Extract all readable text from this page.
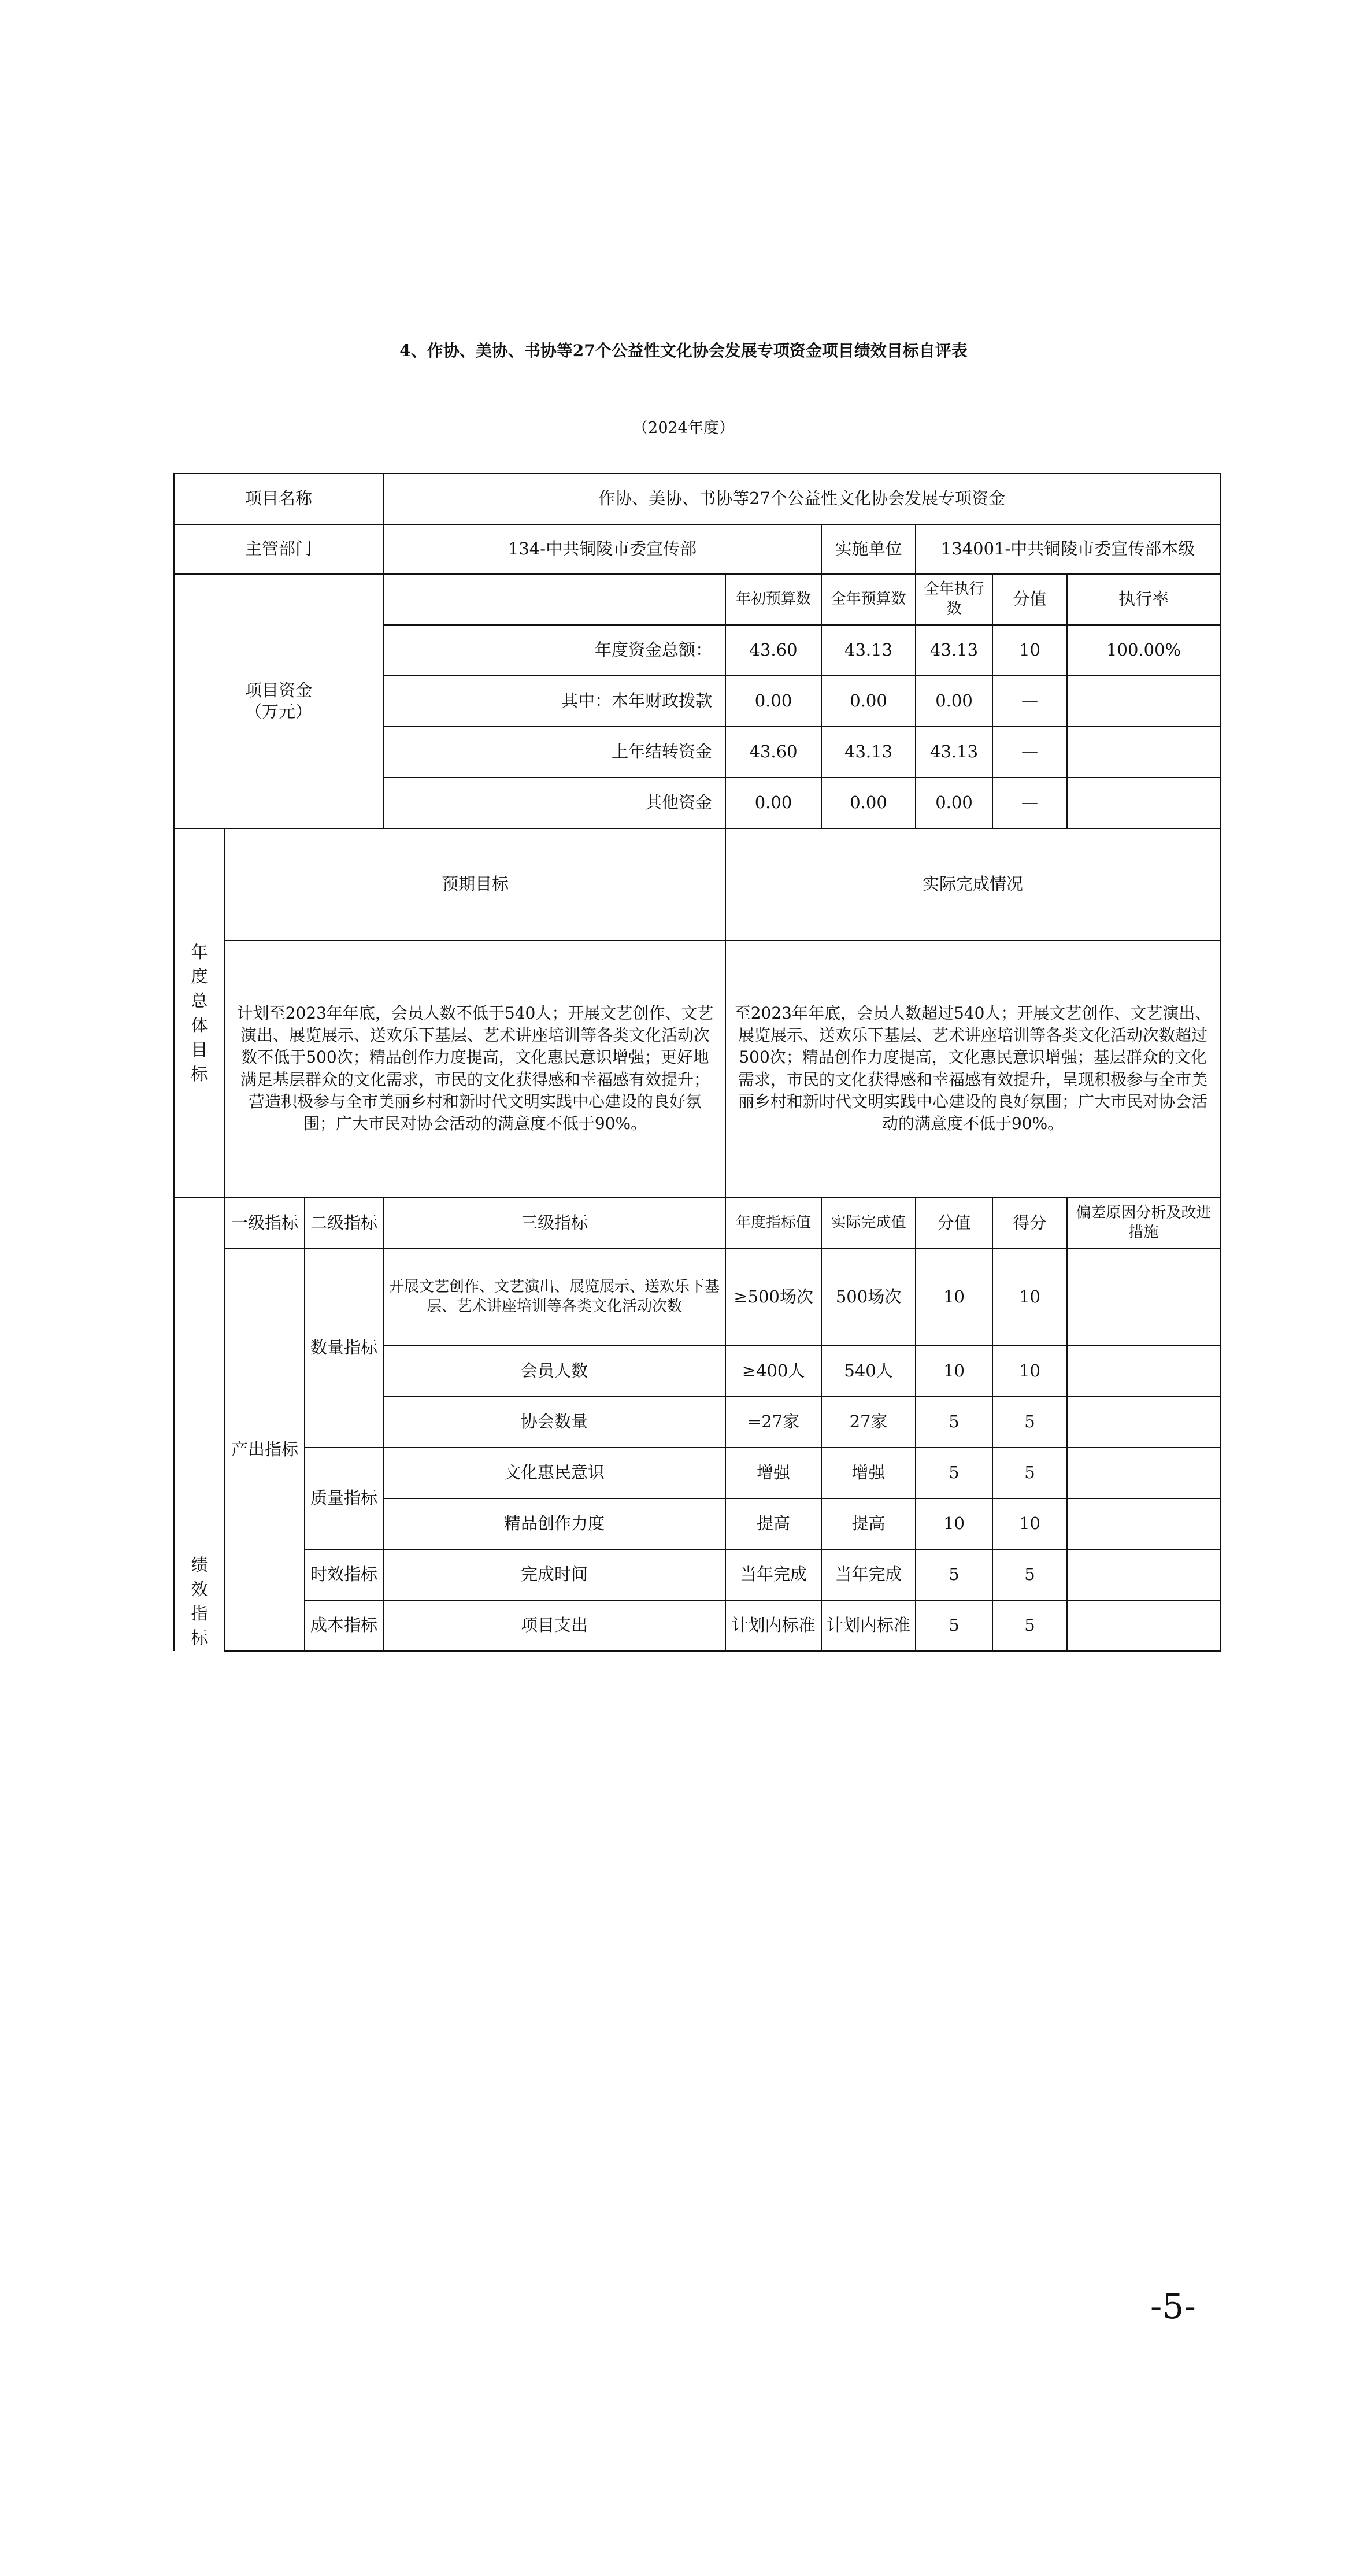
4、作协、美协、书协等27个公益性文化协会发展专项资金项目绩效目标自评表
（2024年度）
项目名称			作协、美协、书协等27个公益性文化协会发展专项资金						
主管部门			134-中共铜陵市委宣传部		实施单位	134001-中共铜陵市委宣传部本级			

项目资金（万元）				年初预算数	全年预算数	全年执行数	分值	执行率	
			年度资金总额：	43.60	43.13	43.13	10	100.00%	
			其中：本年财政拨款	0.00	0.00	0.00	—		
			上年结转资金	43.60	43.13	43.13	—		
			其他资金	0.00	0.00	0.00	—		

年度总体目标	预期目标			实际完成情况					
	计划至2023年年底，会员人数不低于540人；开展文艺创作、文艺演出、展览展示、送欢乐下基层、艺术讲座培训等各类文化活动次数不低于500次；精品创作力度提高，文化惠民意识增强；更好地满足基层群众的文化需求，市民的文化获得感和幸福感有效提升；营造积极参与全市美丽乡村和新时代文明实践中心建设的良好氛围；广大市民对协会活动的满意度不低于90%。			至2023年年底，会员人数超过540人；开展文艺创作、文艺演出、展览展示、送欢乐下基层、艺术讲座培训等各类文化活动次数超过500次；精品创作力度提高，文化惠民意识增强；基层群众的文化需求，市民的文化获得感和幸福感有效提升，呈现积极参与全市美丽乡村和新时代文明实践中心建设的良好氛围；广大市民对协会活动的满意度不低于90%。					

绩效指标	一级指标	二级指标	三级指标	年度指标值	实际完成值	分值	得分	偏差原因分析及改进措施	
	产出指标	数量指标	开展文艺创作、文艺演出、展览展示、送欢乐下基层、艺术讲座培训等各类文化活动次数	≥500场次	500场次	10	10		
			会员人数	≥400人	540人	10	10		
			协会数量	=27家	27家	5	5		
		质量指标	文化惠民意识	增强	增强	5	5		
			精品创作力度	提高	提高	10	10		
		时效指标	完成时间	当年完成	当年完成	5	5		
		成本指标	项目支出	计划内标准	计划内标准	5	5		
-5-
